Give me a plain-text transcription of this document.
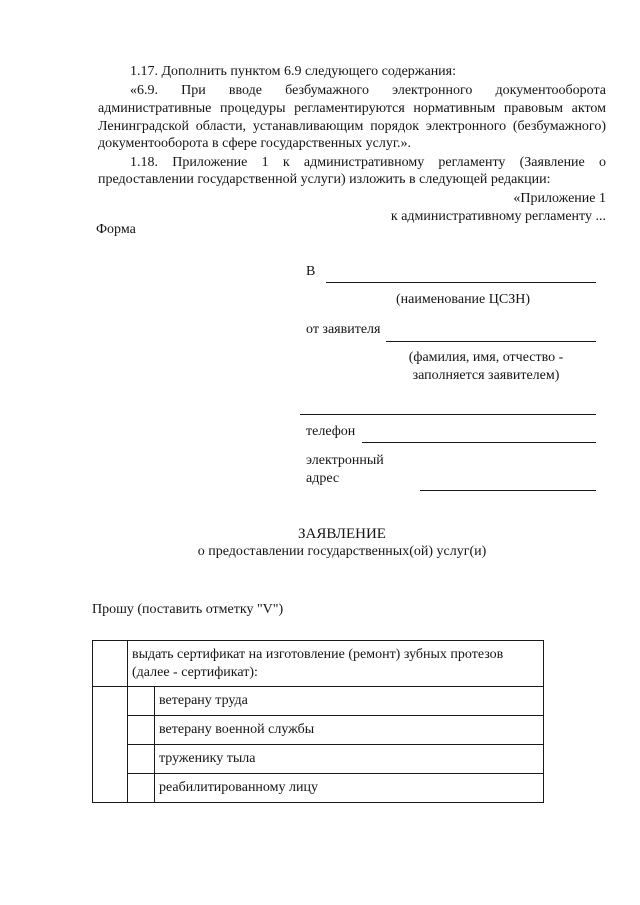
1.17. Дополнить пунктом 6.9 следующего содержания:
«6.9. При вводе безбумажного электронного документооборота
административные процедуры регламентируются нормативным правовым актом
Ленинградской области, устанавливающим порядок электронного (безбумажного)
документооборота в сфере государственных услуг.».
1.18. Приложение 1 к административному регламенту (Заявление о
предоставлении государственной услуги) изложить в следующей редакции:
«Приложение 1
к административному регламенту ...
Форма
В
(наименование ЦСЗН)
от заявителя
(фамилия, имя, отчество -
заполняется заявителем)
телефон
электронный
адрес
ЗАЯВЛЕНИЕ
о предоставлении государственных(ой) услуг(и)
Прошу (поставить отметку "V")

	выдать сертификат на изготовление (ремонт) зубных протезов
(далее - сертификат):	

		ветерану труда
		ветерану военной службы
		труженику тыла
		реабилитированному лицу
